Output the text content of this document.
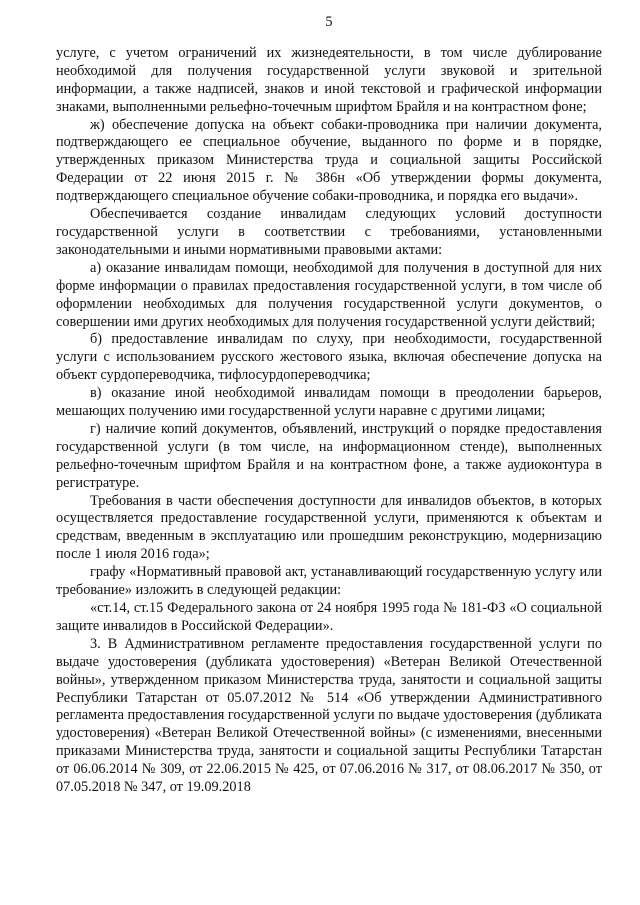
5

услуге, с учетом ограничений их жизнедеятельности, в том числе дублирование необходимой для получения государственной услуги звуковой и зрительной информации, а также надписей, знаков и иной текстовой и графической информации знаками, выполненными рельефно-точечным шрифтом Брайля и на контрастном фоне;

ж) обеспечение допуска на объект собаки-проводника при наличии документа, подтверждающего ее специальное обучение, выданного по форме и в порядке, утвержденных приказом Министерства труда и социальной защиты Российской Федерации от 22 июня 2015 г. № 386н «Об утверждении формы документа, подтверждающего специальное обучение собаки-проводника, и порядка его выдачи».

Обеспечивается создание инвалидам следующих условий доступности государственной услуги в соответствии с требованиями, установленными законодательными и иными нормативными правовыми актами:

а) оказание инвалидам помощи, необходимой для получения в доступной для них форме информации о правилах предоставления государственной услуги, в том числе об оформлении необходимых для получения государственной услуги документов, о совершении ими других необходимых для получения государственной услуги действий;

б) предоставление инвалидам по слуху, при необходимости, государственной услуги с использованием русского жестового языка, включая обеспечение допуска на объект сурдопереводчика, тифлосурдопереводчика;

в) оказание иной необходимой инвалидам помощи в преодолении барьеров, мешающих получению ими государственной услуги наравне с другими лицами;

г) наличие копий документов, объявлений, инструкций о порядке предоставления государственной услуги (в том числе, на информационном стенде), выполненных рельефно-точечным шрифтом Брайля и на контрастном фоне, а также аудиоконтура в регистратуре.

Требования в части обеспечения доступности для инвалидов объектов, в которых осуществляется предоставление государственной услуги, применяются к объектам и средствам, введенным в эксплуатацию или прошедшим реконструкцию, модернизацию после 1 июля 2016 года»;

графу «Нормативный правовой акт, устанавливающий государственную услугу или требование» изложить в следующей редакции:

«ст.14, ст.15 Федерального закона от 24 ноября 1995 года № 181-ФЗ «О социальной защите инвалидов в Российской Федерации».

3. В Административном регламенте предоставления государственной услуги по выдаче удостоверения (дубликата удостоверения) «Ветеран Великой Отечественной войны», утвержденном приказом Министерства труда, занятости и социальной защиты Республики Татарстан от 05.07.2012 № 514 «Об утверждении Административного регламента предоставления государственной услуги по выдаче удостоверения (дубликата удостоверения) «Ветеран Великой Отечественной войны» (с изменениями, внесенными приказами Министерства труда, занятости и социальной защиты Республики Татарстан от 06.06.2014 № 309, от 22.06.2015 № 425, от 07.06.2016 № 317, от 08.06.2017 № 350, от 07.05.2018 № 347, от 19.09.2018
